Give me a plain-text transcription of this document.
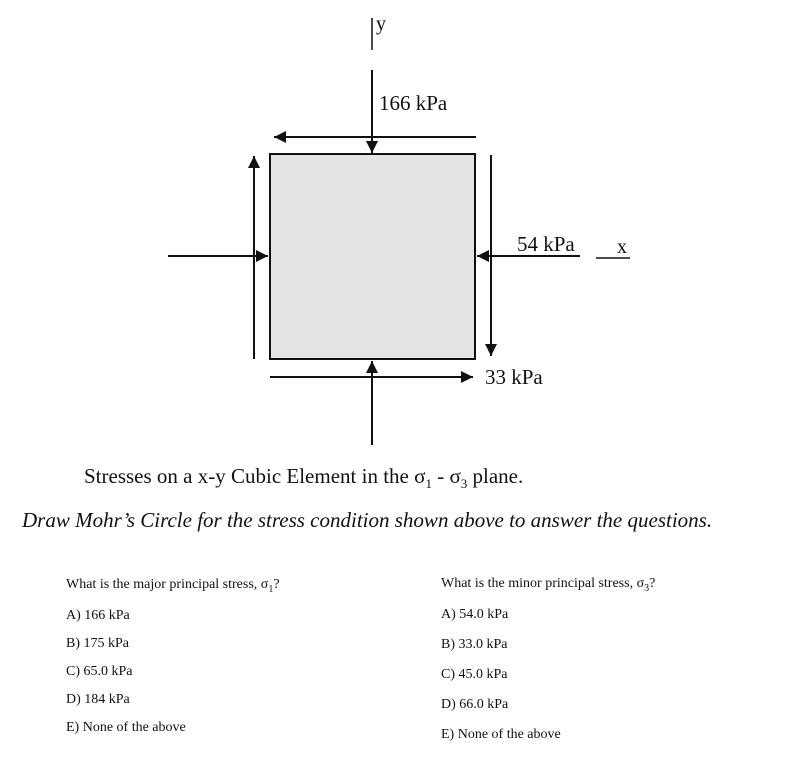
y
x
166 kPa
54 kPa
33 kPa
Stresses on a x-y Cubic Element in the $\sigma_1 - \sigma_3$ plane.
Draw Mohr’s Circle for the stress condition shown above to answer the questions.
What is the major principal stress, $\sigma_1$?
A) 166 kPa
B) 175 kPa
C) 65.0 kPa
D) 184 kPa
E) None of the above
What is the minor principal stress, $\sigma_3$?
A) 54.0 kPa
B) 33.0 kPa
C) 45.0 kPa
D) 66.0 kPa
E) None of the above
